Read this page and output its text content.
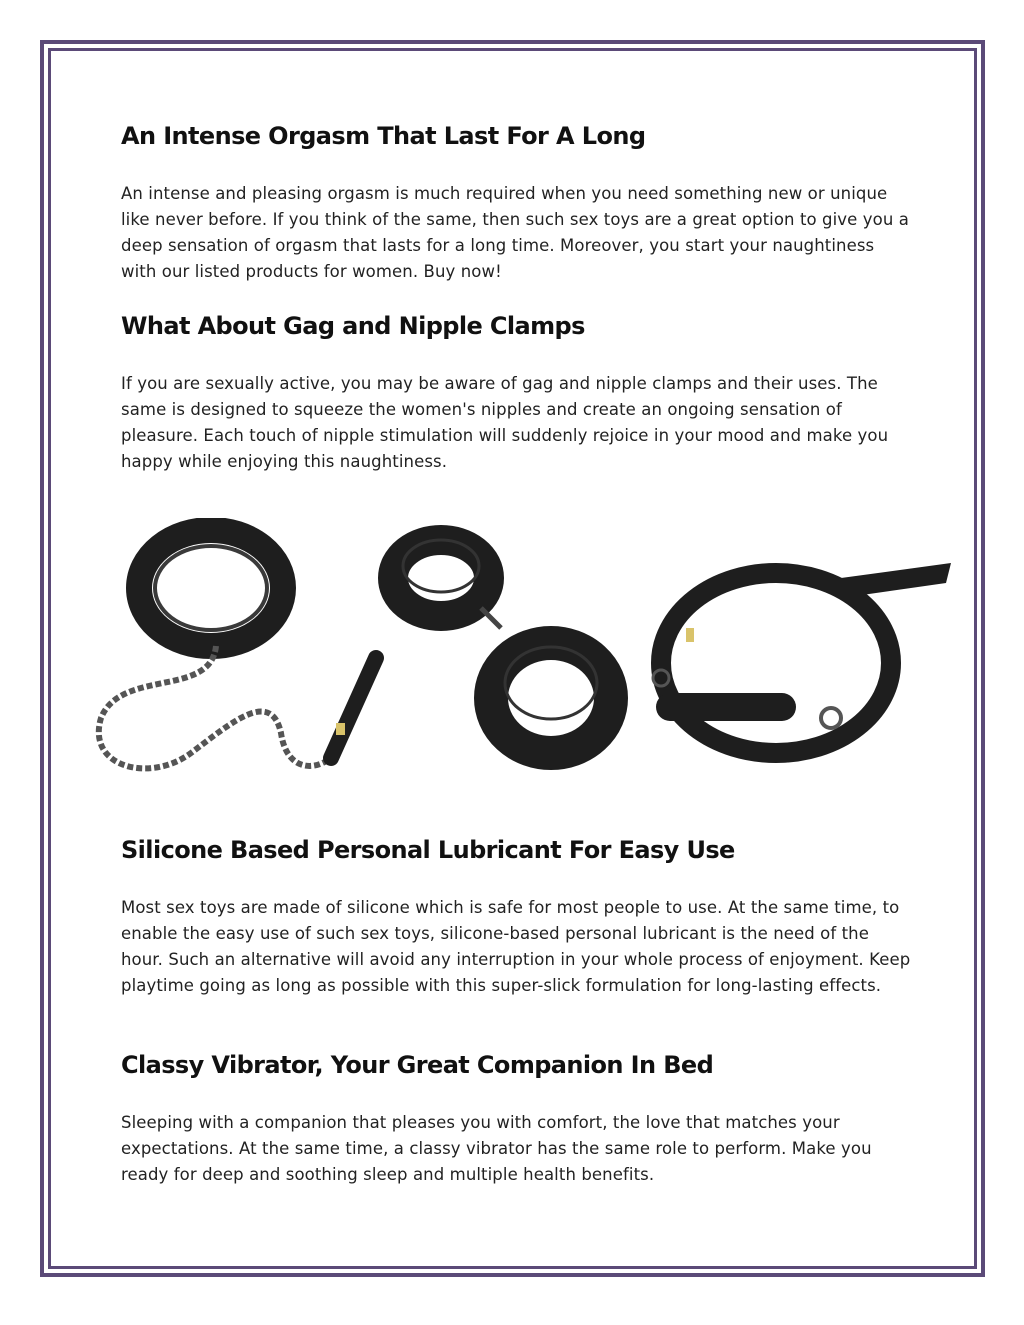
An Intense Orgasm That Last For A Long

An intense and pleasing orgasm is much required when you need something new or unique like never before. If you think of the same, then such sex toys are a great option to give you a deep sensation of orgasm that lasts for a long time. Moreover, you start your naughtiness with our listed products for women. Buy now!

What About Gag and Nipple Clamps

If you are sexually active, you may be aware of gag and nipple clamps and their uses. The same is designed to squeeze the women's nipples and create an ongoing sensation of pleasure. Each touch of nipple stimulation will suddenly rejoice in your mood and make you happy while enjoying this naughtiness.

Silicone Based Personal Lubricant For Easy Use

Most sex toys are made of silicone which is safe for most people to use. At the same time, to enable the easy use of such sex toys, silicone-based personal lubricant is the need of the hour. Such an alternative will avoid any interruption in your whole process of enjoyment. Keep playtime going as long as possible with this super-slick formulation for long-lasting effects.

Classy Vibrator, Your Great Companion In Bed

Sleeping with a companion that pleases you with comfort, the love that matches your expectations. At the same time, a classy vibrator has the same role to perform. Make you ready for deep and soothing sleep and multiple health benefits.
